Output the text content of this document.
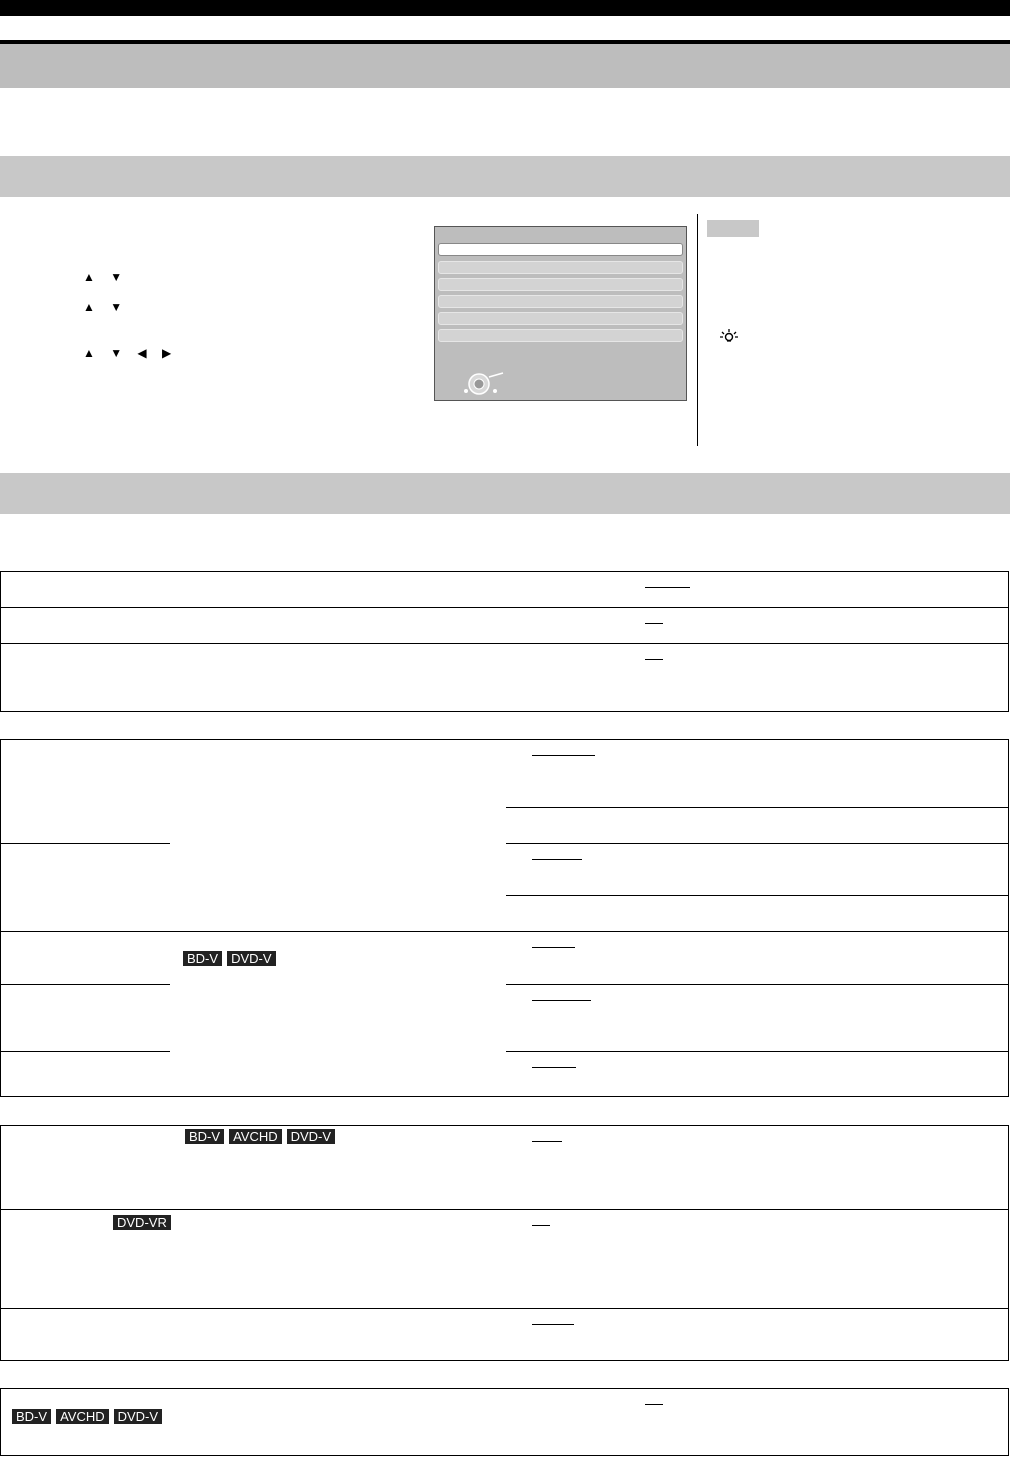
▲ ▼
▲ ▼
▲ ▼ ◀ ▶
BD-V DVD-V
BD-V AVCHD DVD-V
DVD-VR
BD-V AVCHD DVD-V
